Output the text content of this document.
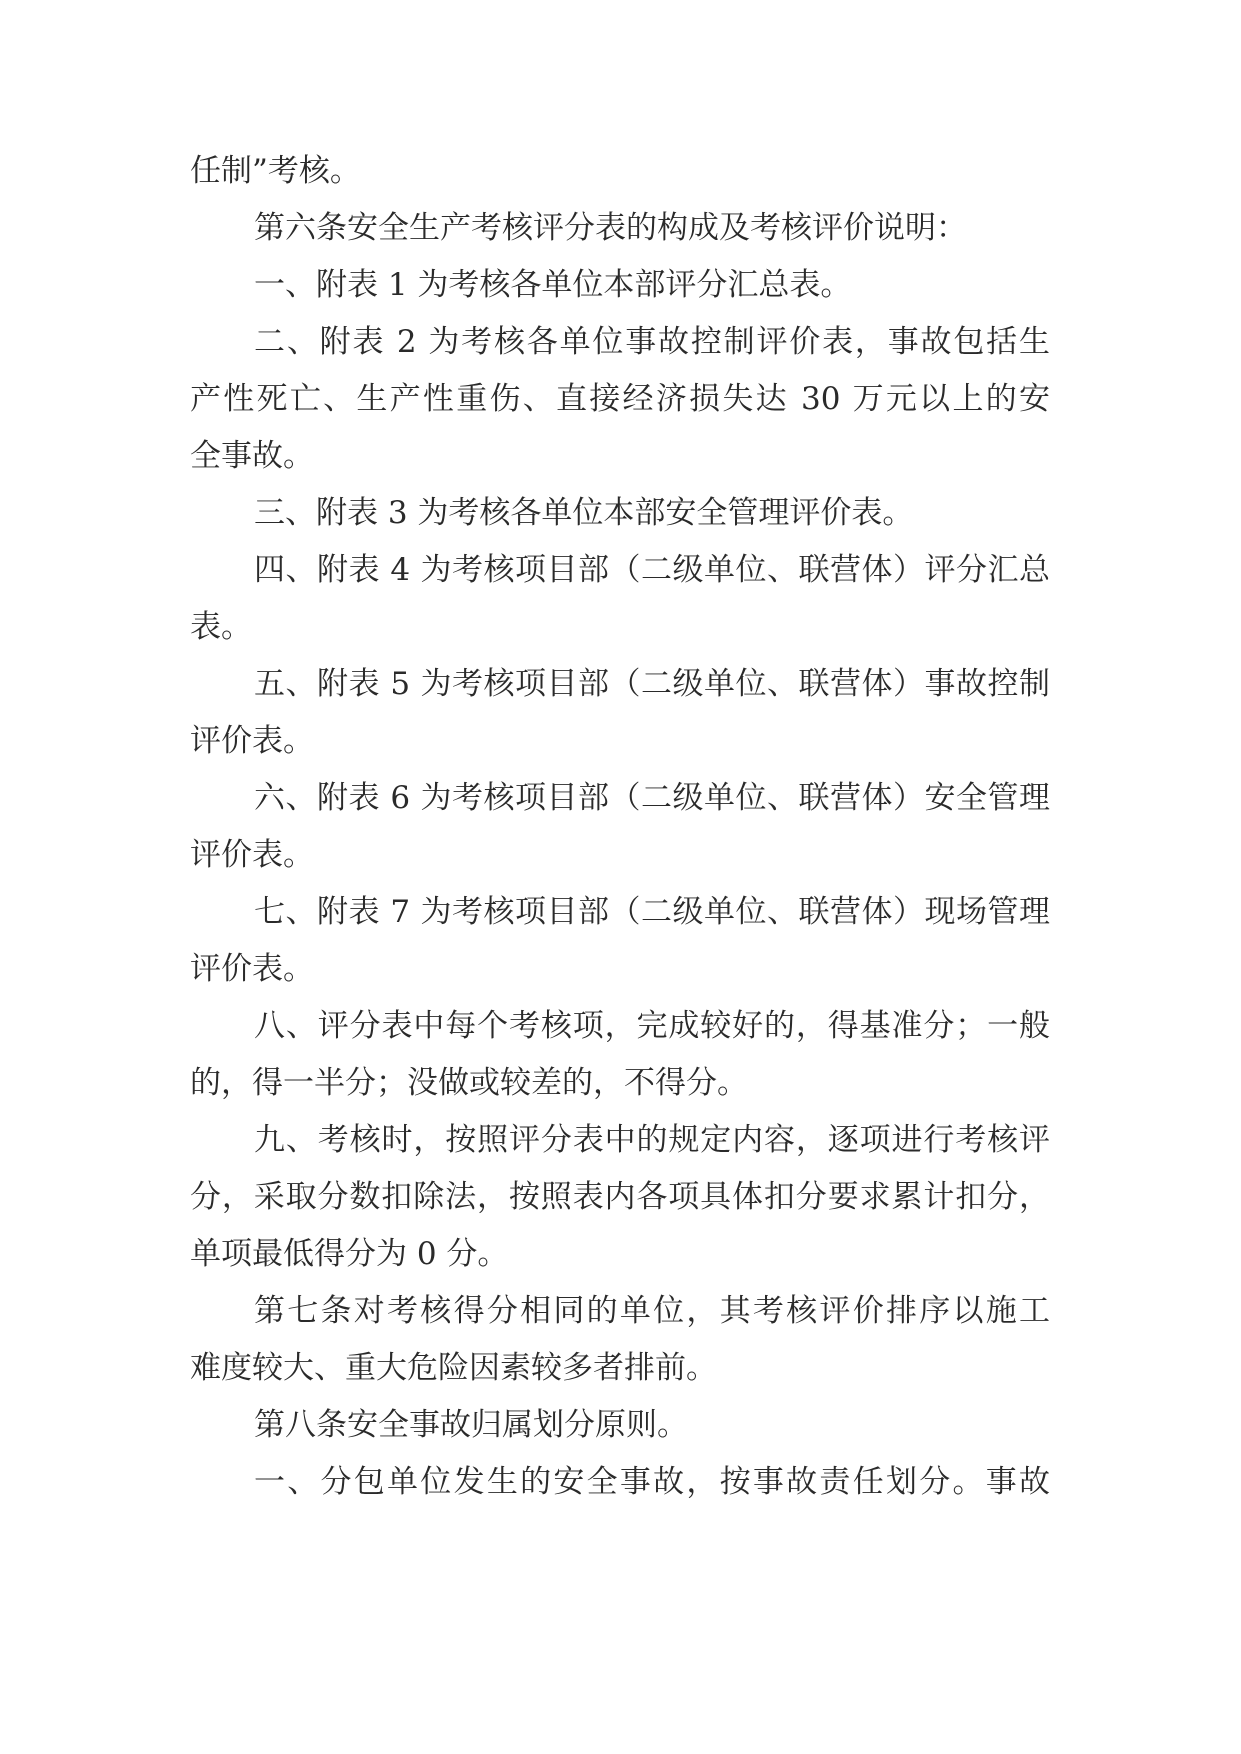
任制”考核。
第六条安全生产考核评分表的构成及考核评价说明：
一、附表 1 为考核各单位本部评分汇总表。
二、附表 2 为考核各单位事故控制评价表，事故包括生
产性死亡、生产性重伤、直接经济损失达 30 万元以上的安
全事故。
三、附表 3 为考核各单位本部安全管理评价表。
四、附表 4 为考核项目部（二级单位、联营体）评分汇总
表。
五、附表 5 为考核项目部（二级单位、联营体）事故控制
评价表。
六、附表 6 为考核项目部（二级单位、联营体）安全管理
评价表。
七、附表 7 为考核项目部（二级单位、联营体）现场管理
评价表。
八、评分表中每个考核项，完成较好的，得基准分；一般
的，得一半分；没做或较差的，不得分。
九、考核时，按照评分表中的规定内容，逐项进行考核评
分，采取分数扣除法，按照表内各项具体扣分要求累计扣分，
单项最低得分为 0 分。
第七条对考核得分相同的单位，其考核评价排序以施工
难度较大、重大危险因素较多者排前。
第八条安全事故归属划分原则。
一、分包单位发生的安全事故，按事故责任划分。事故
